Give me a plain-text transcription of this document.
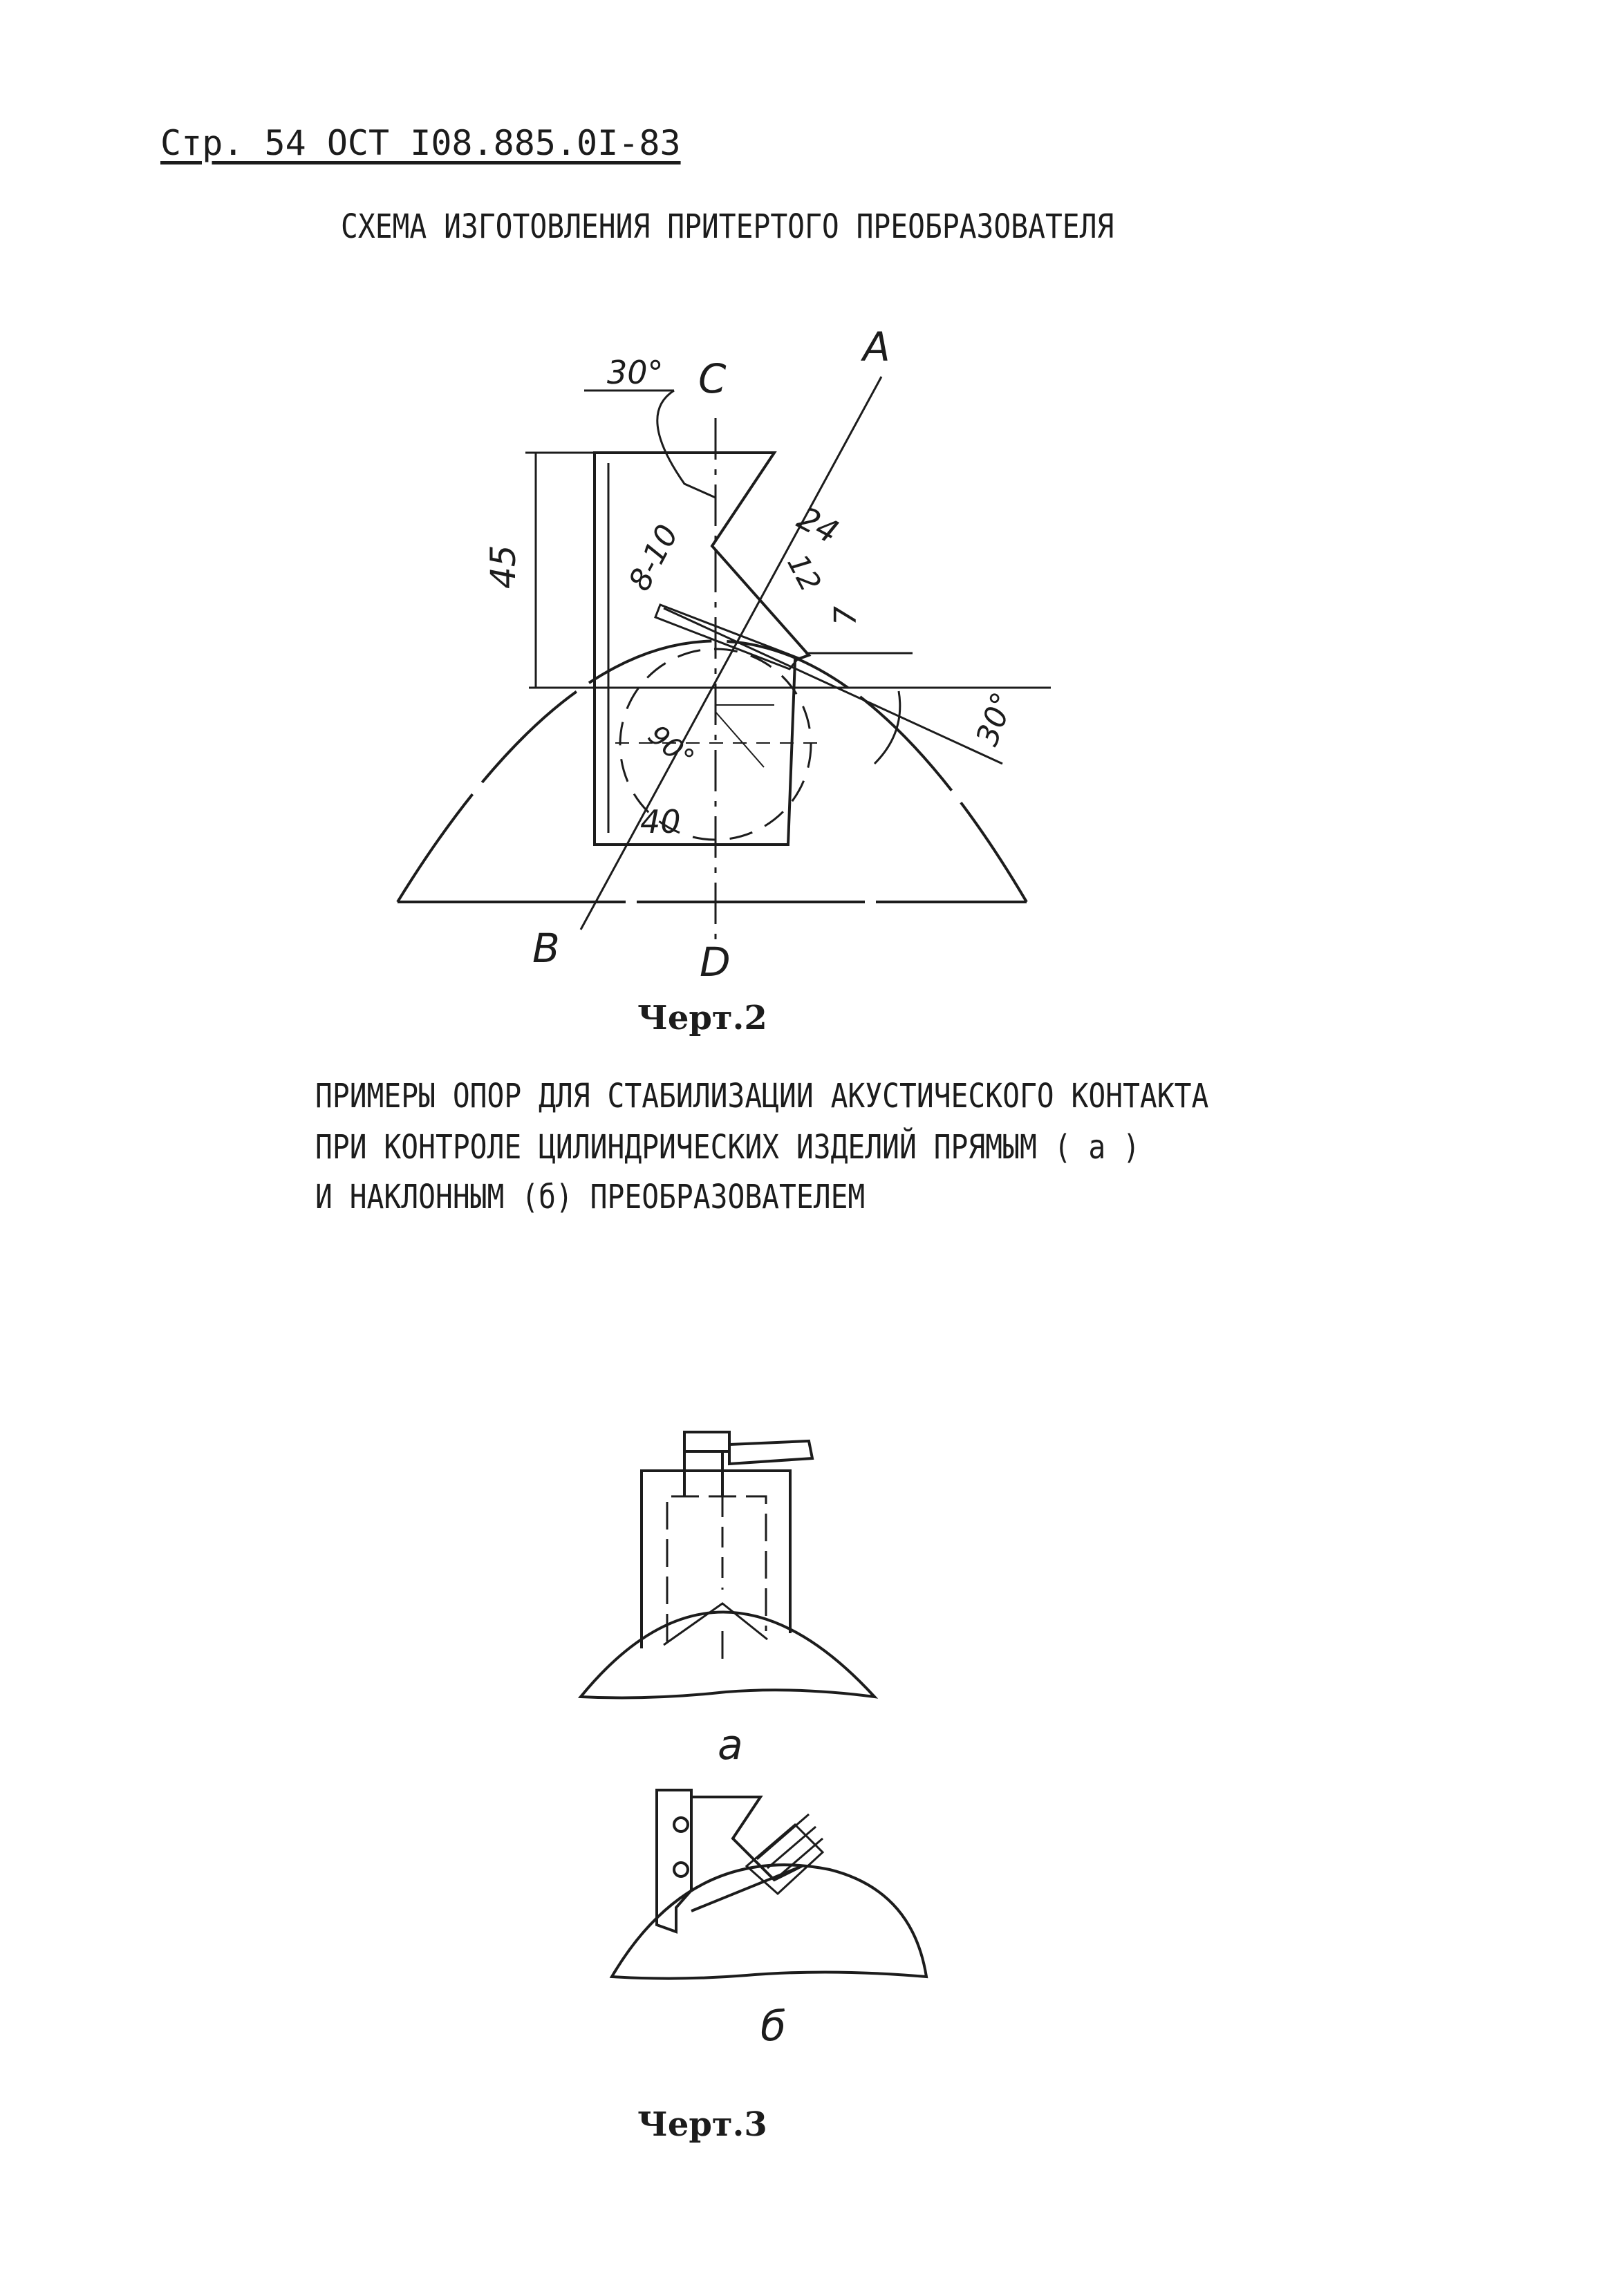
Стр. 54 ОСТ I08.885.0I-83
СХЕМА ИЗГОТОВЛЕНИЯ ПРИТЕРТОГО ПРЕОБРАЗОВАТЕЛЯ
A
B
C
D
30°
45
40
8-10	24
12
7
30°
90°
Черт.2
ПРИМЕРЫ ОПОР ДЛЯ СТАБИЛИЗАЦИИ АКУСТИЧЕСКОГО КОНТАКТА
ПРИ КОНТРОЛЕ ЦИЛИНДРИЧЕСКИХ ИЗДЕЛИЙ ПРЯМЫМ ( а )
И НАКЛОННЫМ (б) ПРЕОБРАЗОВАТЕЛЕМ
а
б
Черт.3
